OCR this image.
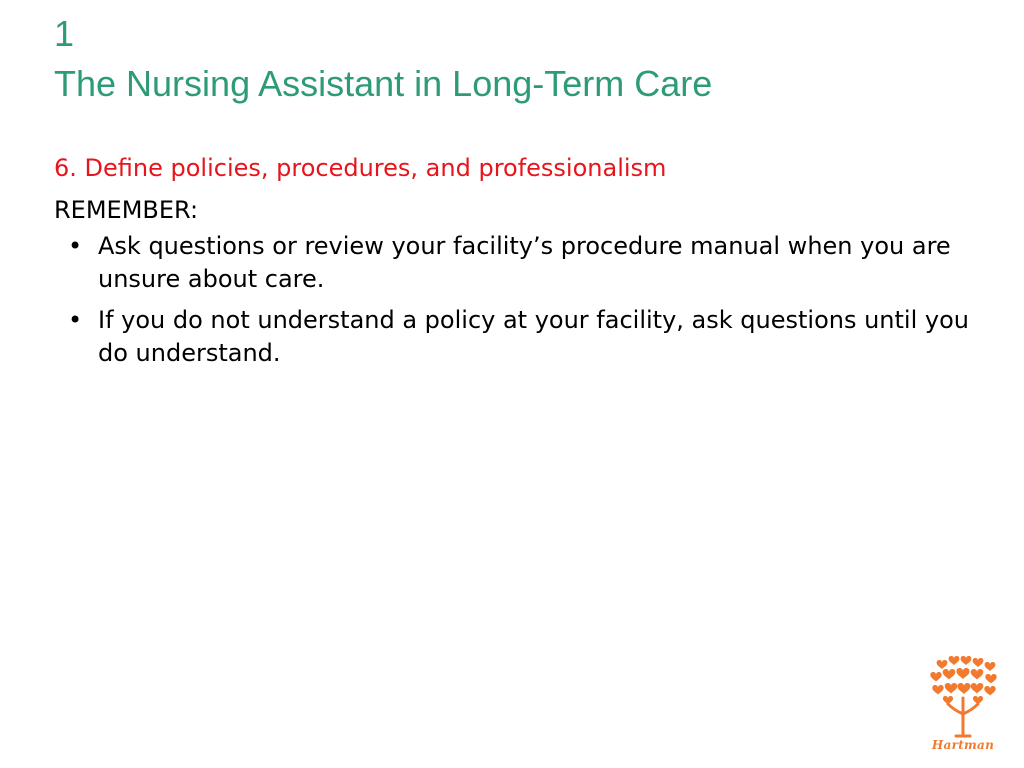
1
The Nursing Assistant in Long-Term Care

6. Define policies, procedures, and professionalism

REMEMBER:

• Ask questions or review your facility’s procedure manual when you are unsure about care.
• If you do not understand a policy at your facility, ask questions until you do understand.
Hartman
